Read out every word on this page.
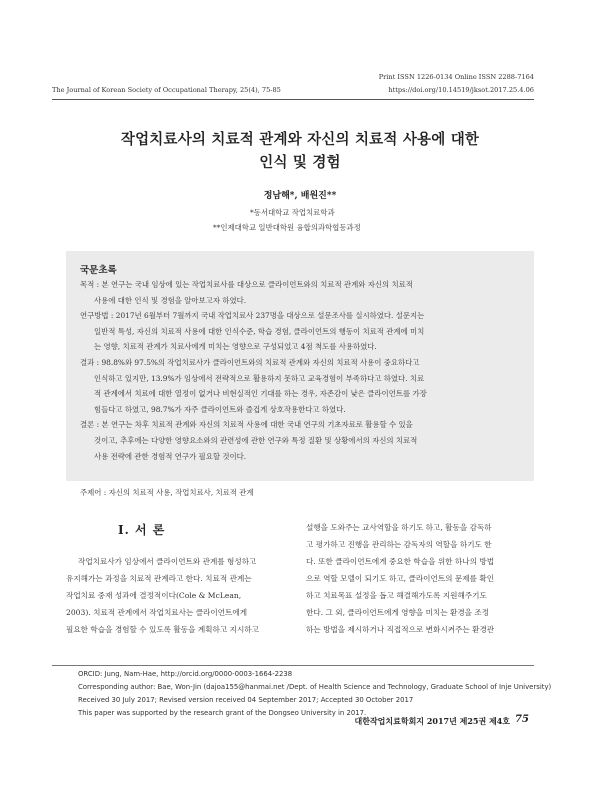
The Journal of Korean Society of Occupational Therapy, 25(4), 75-85
Print ISSN 1226-0134 Online ISSN 2288-7164
https://doi.org/10.14519/jksot.2017.25.4.06
작업치료사의 치료적 관계와 자신의 치료적 사용에 대한
인식 및 경험
정남해*, 배원진**
*동서대학교 작업치료학과
**인제대학교 일반대학원 융합의과학협동과정
국문초록
목적 : 본 연구는 국내 임상에 있는 작업치료사를 대상으로 클라이언트와의 치료적 관계와 자신의 치료적
사용에 대한 인식 및 경험을 알아보고자 하였다.
연구방법 : 2017년 6월부터 7월까지 국내 작업치료사 237명을 대상으로 설문조사를 실시하였다. 설문지는
일반적 특성, 자신의 치료적 사용에 대한 인식수준, 학습 경험, 클라이언트의 행동이 치료적 관계에 미치
는 영향, 치료적 관계가 치료사에게 미치는 영향으로 구성되었고 4점 척도를 사용하였다.
결과 : 98.8%와 97.5%의 작업치료사가 클라이언트와의 치료적 관계와 자신의 치료적 사용이 중요하다고
인식하고 있지만, 13.9%가 임상에서 전략적으로 활용하지 못하고 교육경험이 부족하다고 하였다. 치료
적 관계에서 치료에 대한 열정이 없거나 비현실적인 기대를 하는 경우, 자존감이 낮은 클라이언트를 가장
힘들다고 하였고, 98.7%가 자주 클라이언트와 즐겁게 상호작용한다고 하였다.
결론 : 본 연구는 차후 치료적 관계와 자신의 치료적 사용에 대한 국내 연구의 기초자료로 활용할 수 있을
것이고, 추후에는 다양한 영향요소와의 관련성에 관한 연구와 특정 질환 및 상황에서의 자신의 치료적
사용 전략에 관한 경험적 연구가 필요할 것이다.
주제어 : 자신의 치료적 사용, 작업치료사, 치료적 관계
Ⅰ. 서 론
작업치료사가 임상에서 클라이언트와 관계를 형성하고
유지해가는 과정을 치료적 관계라고 한다. 치료적 관계는
작업치료 중재 성과에 결정적이다(Cole & McLean,
2003). 치료적 관계에서 작업치료사는 클라이언트에게
필요한 학습을 경험할 수 있도록 활동을 계획하고 지시하고
설행을 도와주는 교사역할을 하기도 하고, 활동을 감독하
고 평가하고 진행을 관리하는 감독자의 역할을 하기도 한
다. 또한 클라이언트에게 중요한 학습을 위한 하나의 방법
으로 역할 모델이 되기도 하고, 클라이언트의 문제를 확인
하고 치료목표 설정을 돕고 해결해가도록 지원해주기도
한다. 그 외, 클라이언트에게 영향을 미치는 환경을 조정
하는 방법을 제시하거나 직접적으로 변화시켜주는 환경관
ORCID: Jung, Nam-Hae, http://orcid.org/0000-0003-1664-2238
Corresponding author: Bae, Won-Jin (dajoa155@hanmai.net /Dept. of Health Science and Technology, Graduate School of Inje University)
Received 30 July 2017; Revised version received 04 September 2017; Accepted 30 October 2017
This paper was supported by the research grant of the Dongseo University in 2017.
대한작업치료학회지 2017년 제25권 제4호 75
